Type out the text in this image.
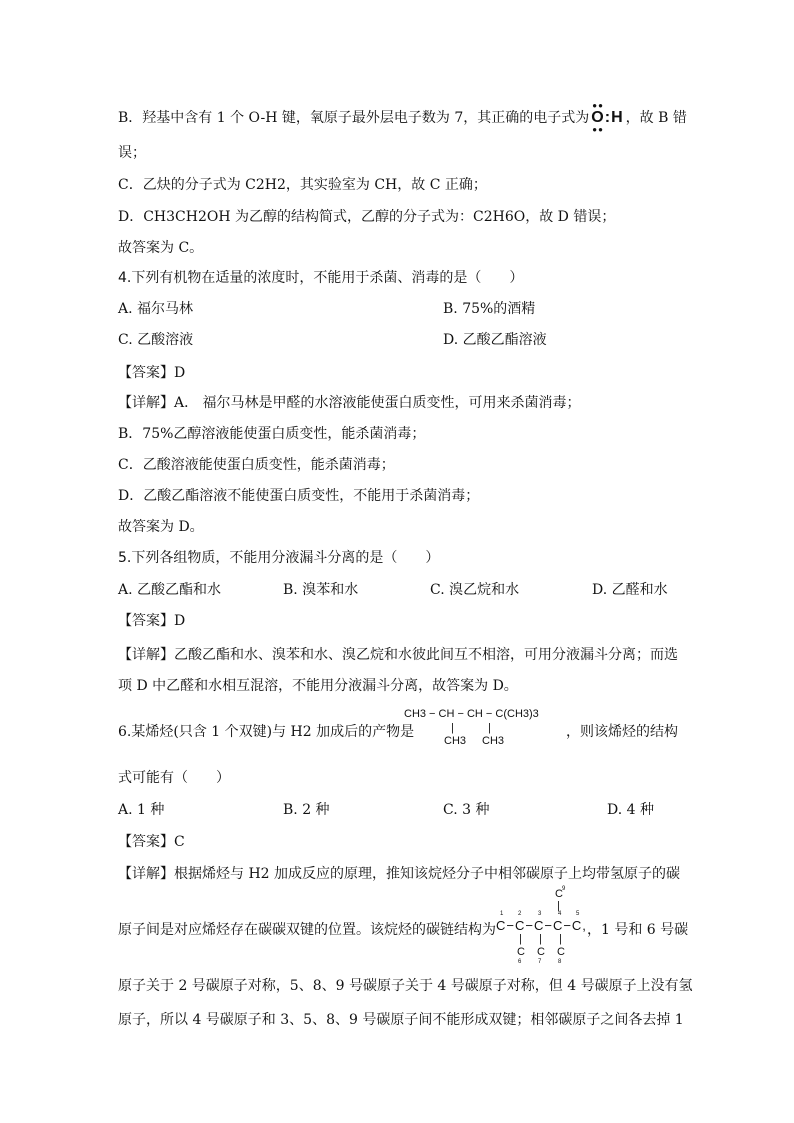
B．羟基中含有 1 个 O-H 键，氧原子最外层电子数为 7，其正确的电子式为
●●
O:H
●●
，故 B 错
误；
C．乙炔的分子式为 C2H2，其实验室为 CH，故 C 正确；
D．CH3CH2OH 为乙醇的结构简式，乙醇的分子式为：C2H6O，故 D 错误；
故答案为 C。
4.下列有机物在适量的浓度时，不能用于杀菌、消毒的是（　　）
A. 福尔马林	B. 75%的酒精
C. 乙酸溶液	D. 乙酸乙酯溶液
【答案】D
【详解】A． 福尔马林是甲醛的水溶液能使蛋白质变性，可用来杀菌消毒；
B．75%乙醇溶液能使蛋白质变性，能杀菌消毒；
C．乙酸溶液能使蛋白质变性，能杀菌消毒；
D．乙酸乙酯溶液不能使蛋白质变性，不能用于杀菌消毒；
故答案为 D。
5.下列各组物质，不能用分液漏斗分离的是（　　）
A. 乙酸乙酯和水	B. 溴苯和水	C. 溴乙烷和水	D. 乙醛和水
【答案】D
【详解】乙酸乙酯和水、溴苯和水、溴乙烷和水彼此间互不相溶，可用分液漏斗分离；而选
项 D 中乙醛和水相互混溶，不能用分液漏斗分离，故答案为 D。
6.某烯烃(只含 1 个双键)与 H2 加成后的产物是
CH3 − CH − CH − C(CH3)3
|	|
CH3 CH3
，则该烯烃的结构
式可能有（　　）
A. 1 种	B. 2 种	C. 3 种	D. 4 种
【答案】C
【详解】根据烯烃与 H2 加成反应的原理，推知该烷烃分子中相邻碳原子上均带氢原子的碳
原子间是对应烯烃存在碳碳双键的位置。该烷烃的碳链结构为
9
C
|
1 2	3	4 5
C−C−C−C−C,
| | |
C C C
6	7	8
，1 号和 6 号碳
原子关于 2 号碳原子对称，5、8、9 号碳原子关于 4 号碳原子对称，但 4 号碳原子上没有氢
原子，所以 4 号碳原子和 3、5、8、9 号碳原子间不能形成双键；相邻碳原子之间各去掉 1
